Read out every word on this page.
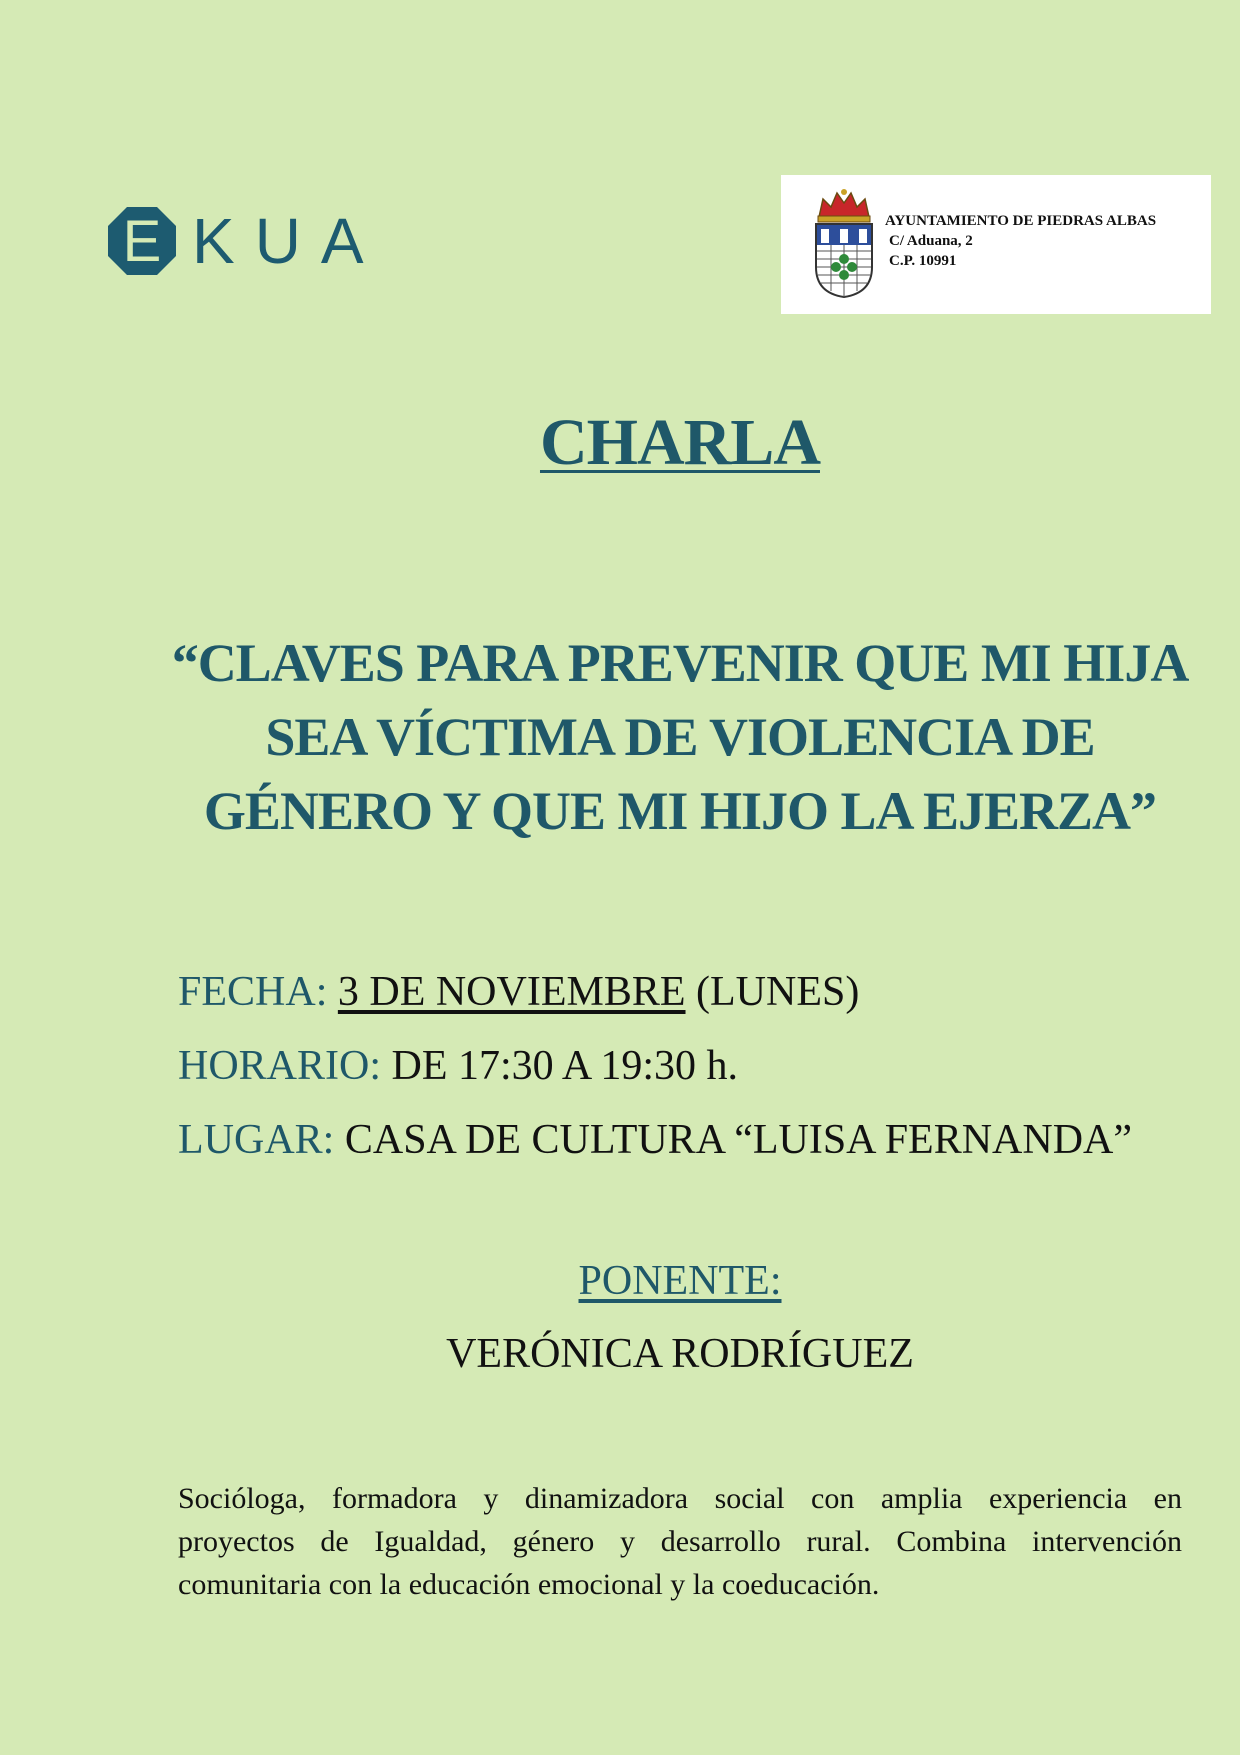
E KUA	AYUNTAMIENTO DE PIEDRAS ALBAS
C/ Aduana, 2
C.P. 10991
CHARLA
“CLAVES PARA PREVENIR QUE MI HIJA
SEA VÍCTIMA DE VIOLENCIA DE
GÉNERO Y QUE MI HIJO LA EJERZA”
FECHA: 3 DE NOVIEMBRE (LUNES)
HORARIO: DE 17:30 A 19:30 h.
LUGAR: CASA DE CULTURA “LUISA FERNANDA”
PONENTE:
VERÓNICA RODRÍGUEZ
Socióloga, formadora y dinamizadora social con amplia experiencia en
proyectos de Igualdad, género y desarrollo rural. Combina intervención
comunitaria con la educación emocional y la coeducación.
